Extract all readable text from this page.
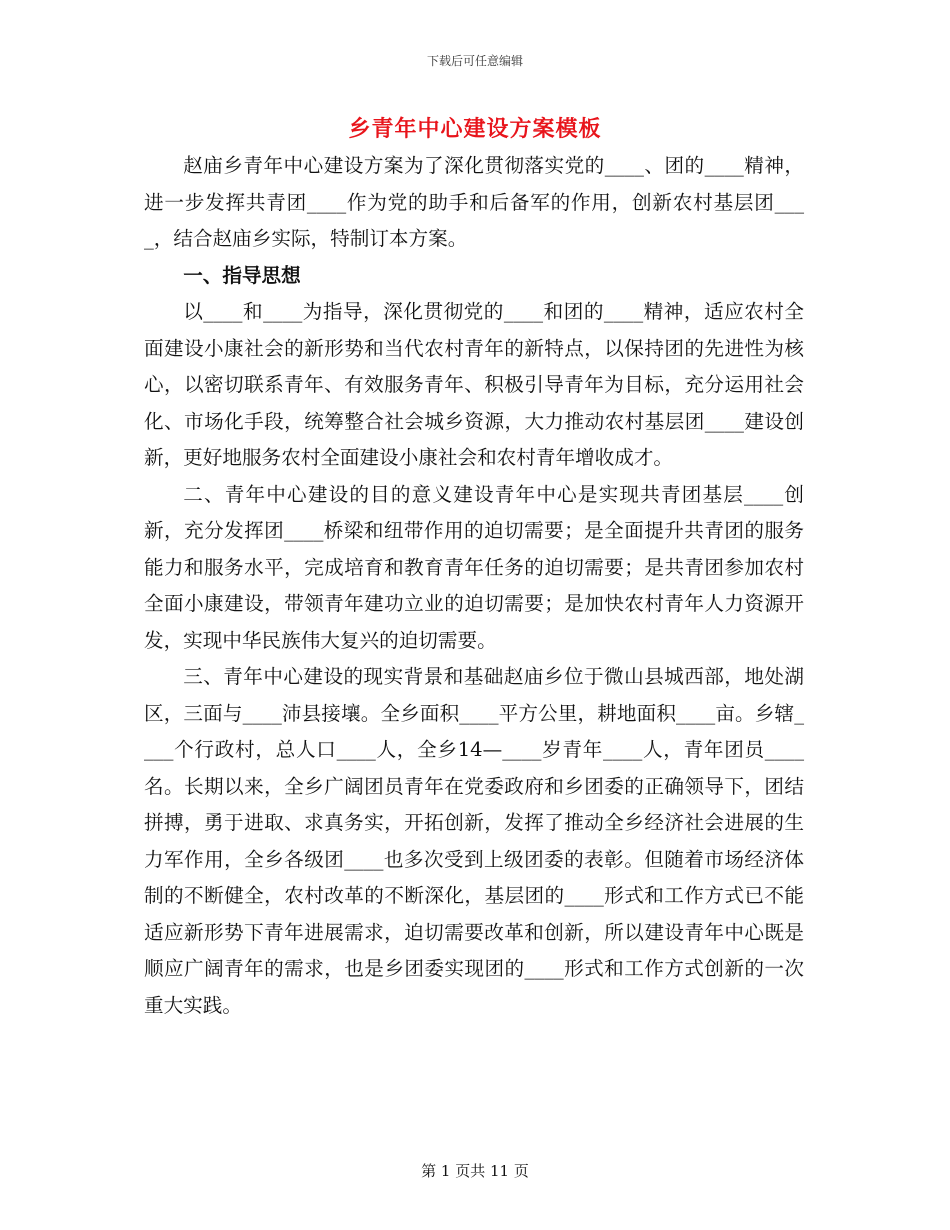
下载后可任意编辑
乡青年中心建设方案模板

赵庙乡青年中心建设方案为了深化贯彻落实党的____、团的____精神，进一步发挥共青团____作为党的助手和后备军的作用，创新农村基层团____，结合赵庙乡实际，特制订本方案。

一、指导思想

以____和____为指导，深化贯彻党的____和团的____精神，适应农村全面建设小康社会的新形势和当代农村青年的新特点，以保持团的先进性为核心，以密切联系青年、有效服务青年、积极引导青年为目标，充分运用社会化、市场化手段，统筹整合社会城乡资源，大力推动农村基层团____建设创新，更好地服务农村全面建设小康社会和农村青年增收成才。

二、青年中心建设的目的意义建设青年中心是实现共青团基层____创新，充分发挥团____桥梁和纽带作用的迫切需要；是全面提升共青团的服务能力和服务水平，完成培育和教育青年任务的迫切需要；是共青团参加农村全面小康建设，带领青年建功立业的迫切需要；是加快农村青年人力资源开发，实现中华民族伟大复兴的迫切需要。

三、青年中心建设的现实背景和基础赵庙乡位于微山县城西部，地处湖区，三面与____沛县接壤。全乡面积____平方公里，耕地面积____亩。乡辖____个行政村，总人口____人，全乡14—____岁青年____人，青年团员____名。长期以来，全乡广阔团员青年在党委政府和乡团委的正确领导下，团结拼搏，勇于进取、求真务实，开拓创新，发挥了推动全乡经济社会进展的生力军作用，全乡各级团____也多次受到上级团委的表彰。但随着市场经济体制的不断健全，农村改革的不断深化，基层团的____形式和工作方式已不能适应新形势下青年进展需求，迫切需要改革和创新，所以建设青年中心既是顺应广阔青年的需求，也是乡团委实现团的____形式和工作方式创新的一次重大实践。

第 1 页共 11 页
